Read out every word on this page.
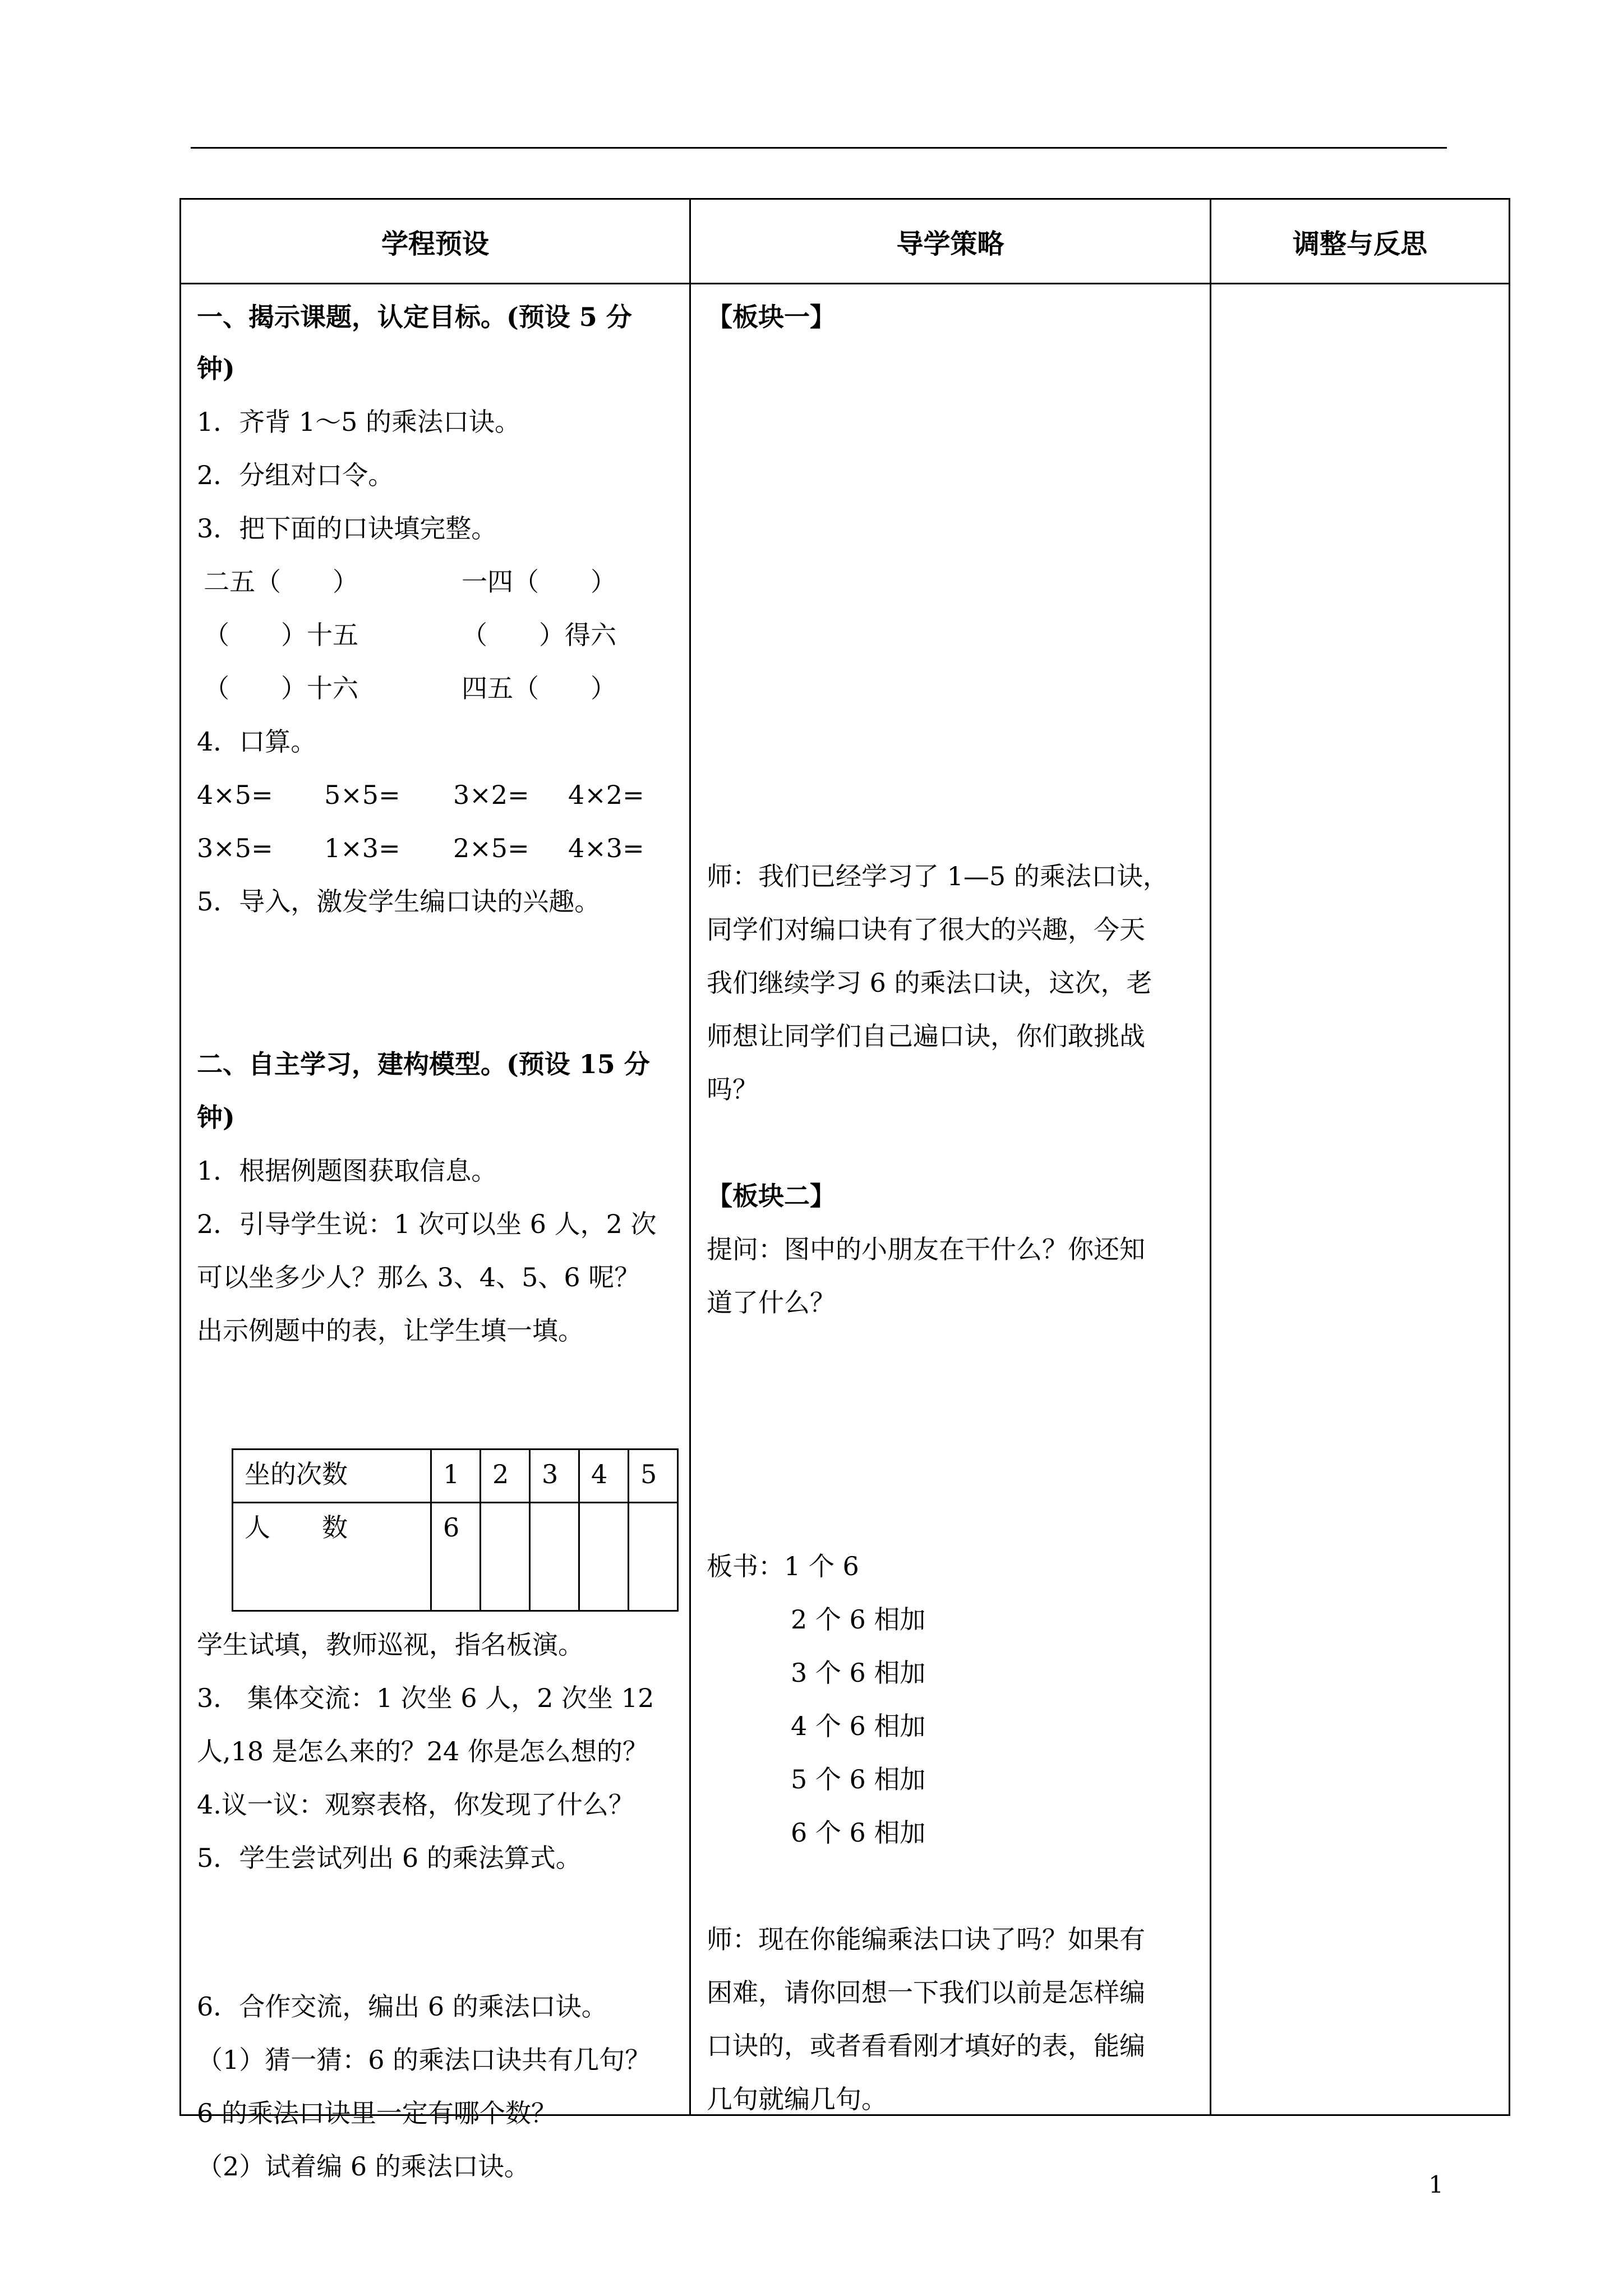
学程预设	导学策略	调整与反思

一、揭示课题，认定目标。(预设 5 分
钟)
1．齐背 1～5 的乘法口诀。
2．分组对口令。
3．把下面的口诀填完整。
二五（ ）	一四（ ）
（ ）十五	（ ）得六
（ ）十六	四五（ ）
4．口算。
4×5= 5×5= 3×2= 4×2=
3×5= 1×3= 2×5= 4×3=
5．导入，激发学生编口诀的兴趣。
二、自主学习，建构模型。(预设 15 分
钟)
1．根据例题图获取信息。
2．引导学生说：1 次可以坐 6 人，2 次
可以坐多少人？那么 3、4、5、6 呢？
出示例题中的表，让学生填一填。
坐的次数	1	2	3	4	5
人　　数	6				
学生试填，教师巡视，指名板演。
3． 集体交流：1 次坐 6 人，2 次坐 12
人,18 是怎么来的？24 你是怎么想的？
4.议一议：观察表格，你发现了什么？
5．学生尝试列出 6 的乘法算式。
6．合作交流，编出 6 的乘法口诀。
（1）猜一猜：6 的乘法口诀共有几句？
6 的乘法口诀里一定有哪个数？
（2）试着编 6 的乘法口诀。

【板块一】
师：我们已经学习了 1—5 的乘法口诀，
同学们对编口诀有了很大的兴趣，今天
我们继续学习 6 的乘法口诀，这次，老
师想让同学们自己遍口诀，你们敢挑战
吗？
【板块二】
提问：图中的小朋友在干什么？你还知
道了什么？
板书：1 个 6
2 个 6 相加
3 个 6 相加
4 个 6 相加
5 个 6 相加
6 个 6 相加
师：现在你能编乘法口诀了吗？如果有
困难，请你回想一下我们以前是怎样编
口诀的，或者看看刚才填好的表，能编
几句就编几句。

1
